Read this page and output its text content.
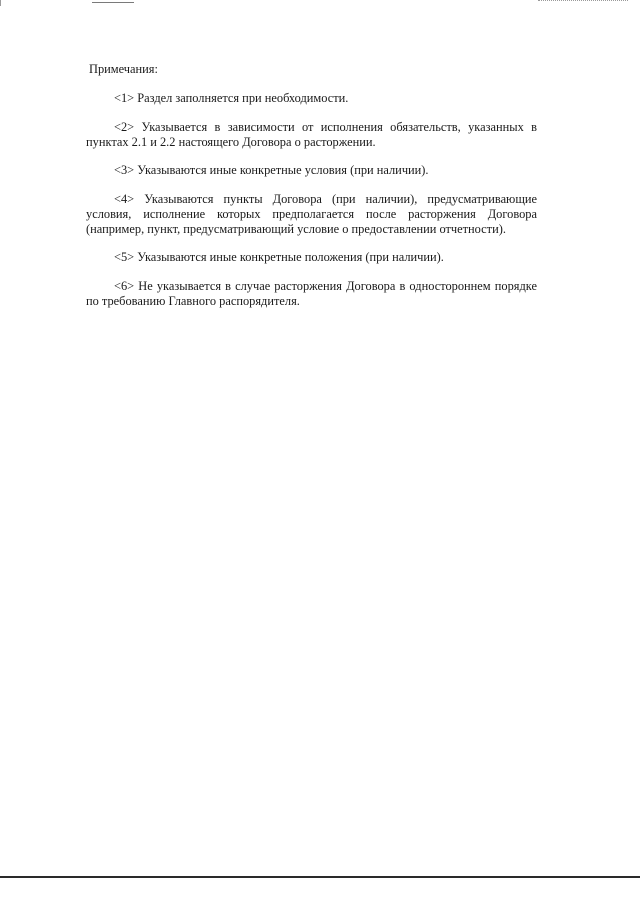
Примечания:

<1> Раздел заполняется при необходимости.

<2> Указывается в зависимости от исполнения обязательств, указанных в пунктах 2.1 и 2.2 настоящего Договора о расторжении.

<3> Указываются иные конкретные условия (при наличии).

<4> Указываются пункты Договора (при наличии), предусматривающие условия, исполнение которых предполагается после расторжения Договора (например, пункт, предусматривающий условие о предоставлении отчетности).

<5> Указываются иные конкретные положения (при наличии).

<6> Не указывается в случае расторжения Договора в одностороннем порядке по требованию Главного распорядителя.
